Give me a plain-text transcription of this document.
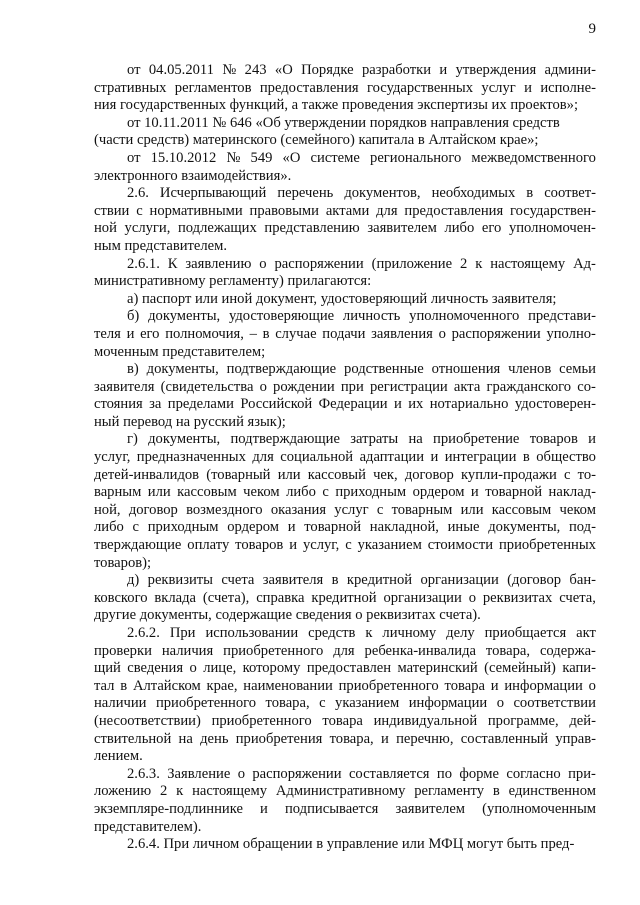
9
от 04.05.2011 № 243 «О Порядке разработки и утверждения админи-
стративных регламентов предоставления государственных услуг и исполне-
ния государственных функций, а также проведения экспертизы их проектов»;
от 10.11.2011 № 646 «Об утверждении порядков направления средств
(части средств) материнского (семейного) капитала в Алтайском крае»;
от 15.10.2012 № 549 «О системе регионального межведомственного
электронного взаимодействия».
2.6. Исчерпывающий перечень документов, необходимых в соответ-
ствии с нормативными правовыми актами для предоставления государствен-
ной услуги, подлежащих представлению заявителем либо его уполномочен-
ным представителем.
2.6.1. К заявлению о распоряжении (приложение 2 к настоящему Ад-
министративному регламенту) прилагаются:
а) паспорт или иной документ, удостоверяющий личность заявителя;
б) документы, удостоверяющие личность уполномоченного представи-
теля и его полномочия, – в случае подачи заявления о распоряжении уполно-
моченным представителем;
в) документы, подтверждающие родственные отношения членов семьи
заявителя (свидетельства о рождении при регистрации акта гражданского со-
стояния за пределами Российской Федерации и их нотариально удостоверен-
ный перевод на русский язык);
г) документы, подтверждающие затраты на приобретение товаров и
услуг, предназначенных для социальной адаптации и интеграции в общество
детей-инвалидов (товарный или кассовый чек, договор купли-продажи с то-
варным или кассовым чеком либо с приходным ордером и товарной наклад-
ной, договор возмездного оказания услуг с товарным или кассовым чеком
либо с приходным ордером и товарной накладной, иные документы, под-
тверждающие оплату товаров и услуг, с указанием стоимости приобретенных
товаров);
д) реквизиты счета заявителя в кредитной организации (договор бан-
ковского вклада (счета), справка кредитной организации о реквизитах счета,
другие документы, содержащие сведения о реквизитах счета).
2.6.2. При использовании средств к личному делу приобщается акт
проверки наличия приобретенного для ребенка-инвалида товара, содержа-
щий сведения о лице, которому предоставлен материнский (семейный) капи-
тал в Алтайском крае, наименовании приобретенного товара и информации о
наличии приобретенного товара, с указанием информации о соответствии
(несоответствии) приобретенного товара индивидуальной программе, дей-
ствительной на день приобретения товара, и перечню, составленный управ-
лением.
2.6.3. Заявление о распоряжении составляется по форме согласно при-
ложению 2 к настоящему Административному регламенту в единственном
экземпляре-подлиннике и подписывается заявителем (уполномоченным
представителем).
2.6.4. При личном обращении в управление или МФЦ могут быть пред-
